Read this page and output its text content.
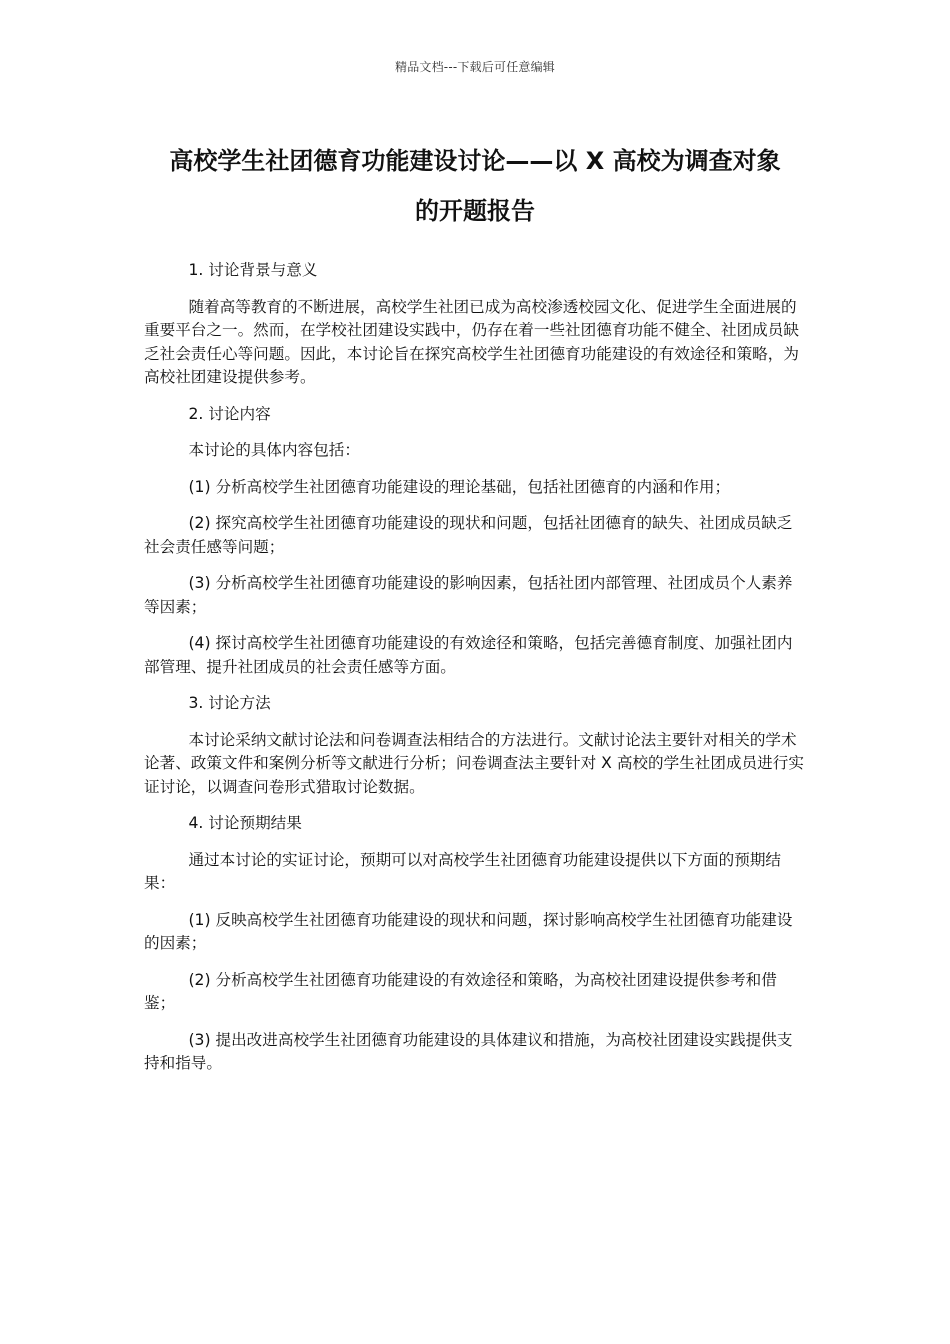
精品文档---下载后可任意编辑
高校学生社团德育功能建设讨论——以 X 高校为调查对象
的开题报告

1. 讨论背景与意义

随着高等教育的不断进展，高校学生社团已成为高校渗透校园文化、促进学生全面进展的重要平台之一。然而，在学校社团建设实践中，仍存在着一些社团德育功能不健全、社团成员缺乏社会责任心等问题。因此，本讨论旨在探究高校学生社团德育功能建设的有效途径和策略，为高校社团建设提供参考。

2. 讨论内容

本讨论的具体内容包括：

(1) 分析高校学生社团德育功能建设的理论基础，包括社团德育的内涵和作用；

(2) 探究高校学生社团德育功能建设的现状和问题，包括社团德育的缺失、社团成员缺乏社会责任感等问题；

(3) 分析高校学生社团德育功能建设的影响因素，包括社团内部管理、社团成员个人素养等因素；

(4) 探讨高校学生社团德育功能建设的有效途径和策略，包括完善德育制度、加强社团内部管理、提升社团成员的社会责任感等方面。

3. 讨论方法

本讨论采纳文献讨论法和问卷调查法相结合的方法进行。文献讨论法主要针对相关的学术论著、政策文件和案例分析等文献进行分析；问卷调查法主要针对 X 高校的学生社团成员进行实证讨论，以调查问卷形式猎取讨论数据。

4. 讨论预期结果

通过本讨论的实证讨论，预期可以对高校学生社团德育功能建设提供以下方面的预期结果：

(1) 反映高校学生社团德育功能建设的现状和问题，探讨影响高校学生社团德育功能建设的因素；

(2) 分析高校学生社团德育功能建设的有效途径和策略，为高校社团建设提供参考和借鉴；

(3) 提出改进高校学生社团德育功能建设的具体建议和措施，为高校社团建设实践提供支持和指导。
